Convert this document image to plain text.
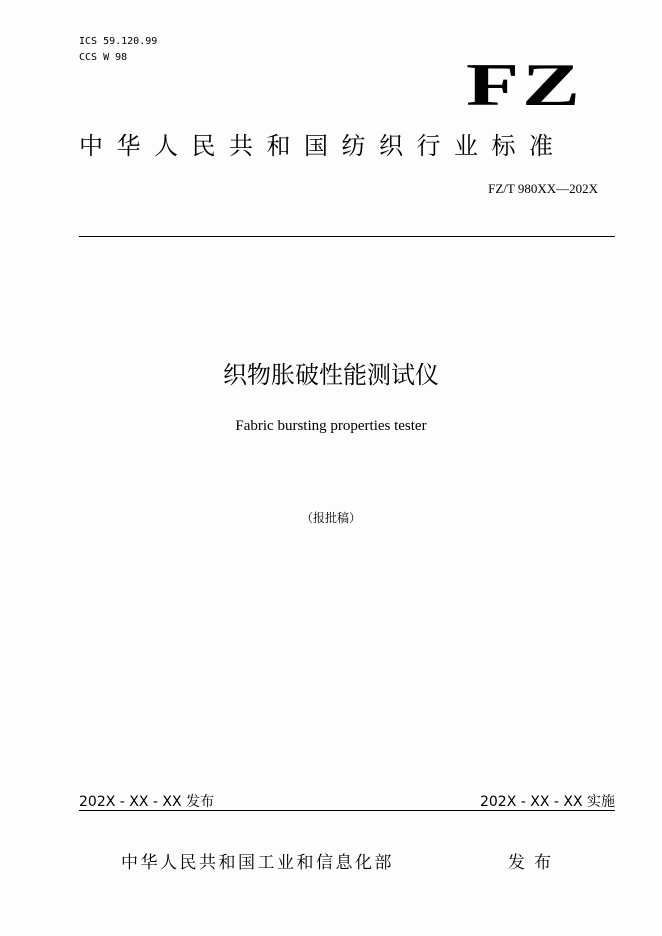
ICS 59.120.99
CCS W 98	FZ
中华人民共和国纺织行业标准
FZ/T 980XX—202X
织物胀破性能测试仪
Fabric bursting properties tester
（报批稿）
202X - XX - XX 发布	202X - XX - XX 实施
中华人民共和国工业和信息化部	发布
